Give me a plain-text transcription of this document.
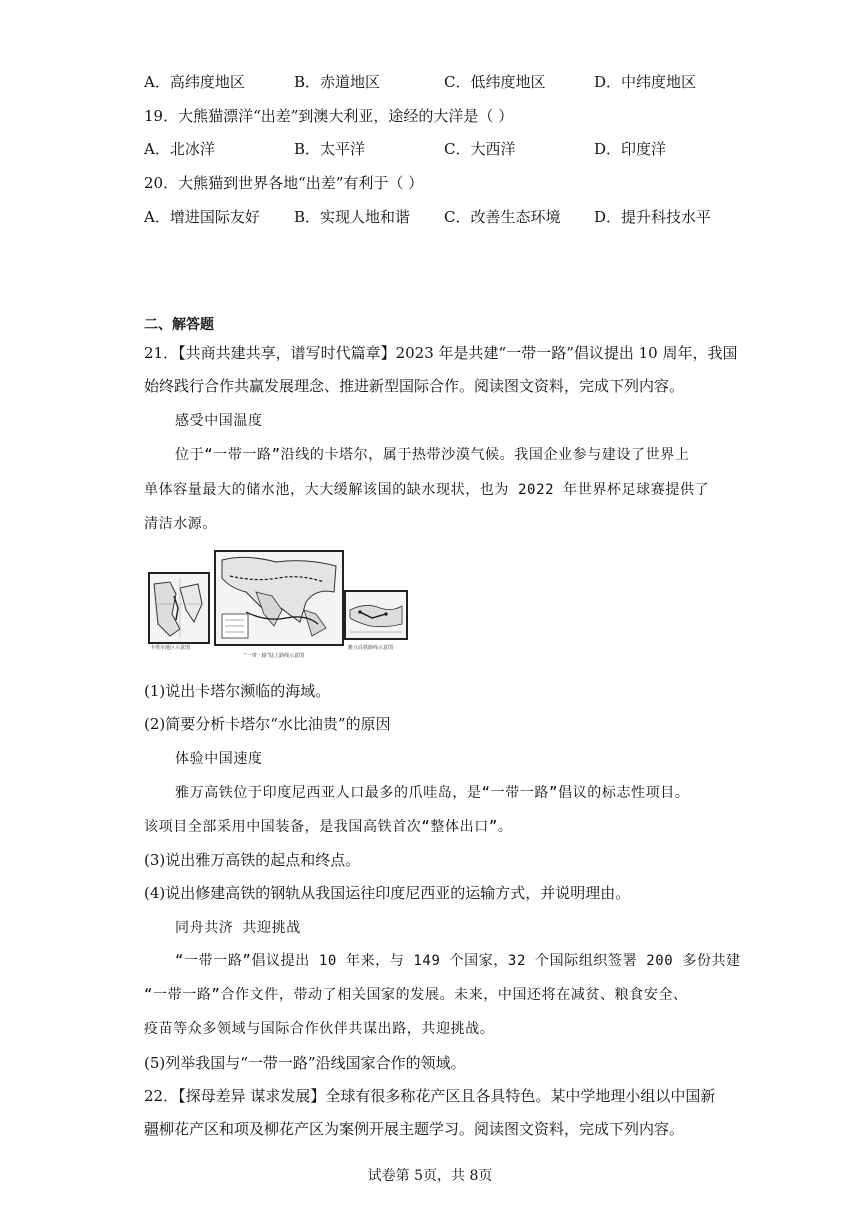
A．高纬度地区	B．赤道地区	C．低纬度地区	D．中纬度地区
19．大熊猫漂洋“出差”到澳大利亚，途经的大洋是（ ）
A．北冰洋	B．太平洋	C．大西洋	D．印度洋
20．大熊猫到世界各地“出差”有利于（ ）
A．增进国际友好 B．实现人地和谐 C．改善生态环境 D．提升科技水平
二、解答题
21．【共商共建共享，谱写时代篇章】2023 年是共建“一带一路”倡议提出 10 周年，我国
始终践行合作共赢发展理念、推进新型国际合作。阅读图文资料，完成下列内容。
感受中国温度
位于“一带一路”沿线的卡塔尔，属于热带沙漠气候。我国企业参与建设了世界上
单体容量最大的储水池，大大缓解该国的缺水现状，也为 2022 年世界杯足球赛提供了
清洁水源。
卡塔尔地区示意图
“一带一路”陆上路线示意图
雅万高铁路线示意图
(1)说出卡塔尔濒临的海域。
(2)简要分析卡塔尔“水比油贵”的原因
体验中国速度
雅万高铁位于印度尼西亚人口最多的爪哇岛，是“一带一路”倡议的标志性项目。
该项目全部采用中国装备，是我国高铁首次“整体出口”。
(3)说出雅万高铁的起点和终点。
(4)说出修建高铁的钢轨从我国运往印度尼西亚的运输方式，并说明理由。
同舟共济 共迎挑战
“一带一路”倡议提出 10 年来，与 149 个国家，32 个国际组织签署 200 多份共建
“一带一路”合作文件，带动了相关国家的发展。未来，中国还将在减贫、粮食安全、
疫苗等众多领域与国际合作伙伴共谋出路，共迎挑战。
(5)列举我国与“一带一路”沿线国家合作的领域。
22．【探母差异 谋求发展】全球有很多称花产区且各具特色。某中学地理小组以中国新
疆柳花产区和项及柳花产区为案例开展主题学习。阅读图文资料，完成下列内容。
试卷第 5页，共 8页
